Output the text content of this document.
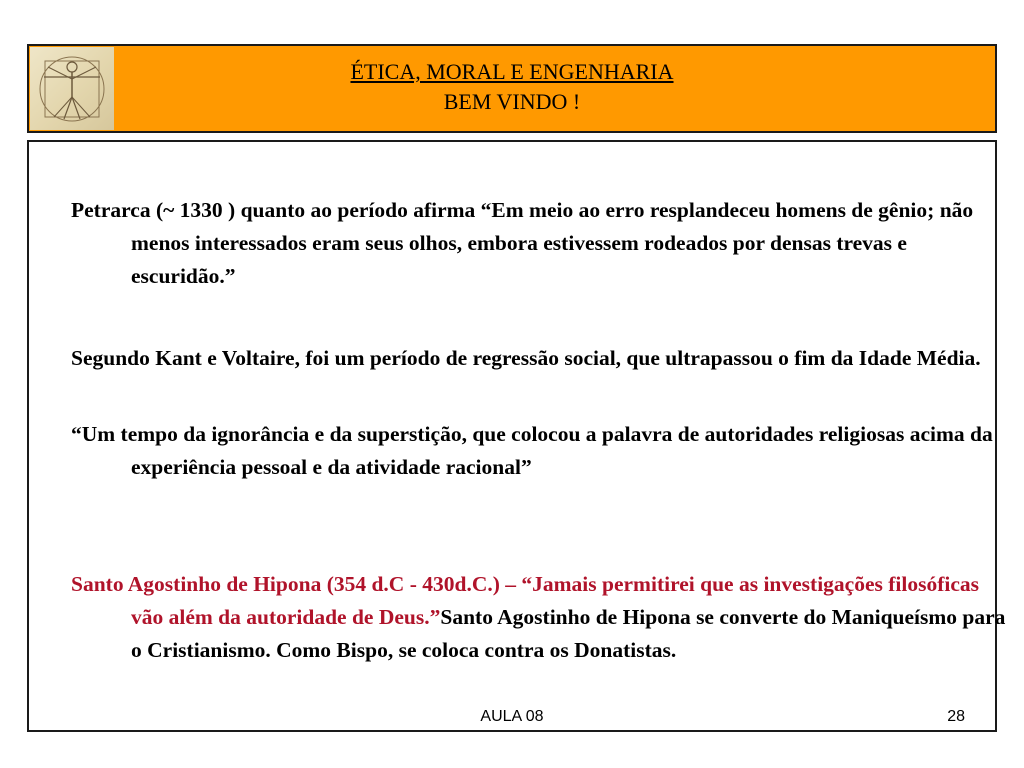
ÉTICA, MORAL E ENGENHARIA
BEM VINDO !
Petrarca (~ 1330 ) quanto ao período afirma “Em meio ao erro resplandeceu homens de gênio; não menos interessados eram seus olhos, embora estivessem rodeados por densas trevas e escuridão.”
Segundo Kant e Voltaire, foi um período de regressão social, que ultrapassou o fim da Idade Média.
“Um tempo da ignorância e da superstição, que colocou a palavra de autoridades religiosas acima da experiência pessoal e da atividade racional”
Santo Agostinho de Hipona (354 d.C - 430d.C.) – “Jamais permitirei que as investigações filosóficas vão além da autoridade de Deus.”Santo Agostinho de Hipona se converte do Maniqueísmo para o Cristianismo. Como Bispo, se coloca contra os Donatistas.
AULA 08	28
